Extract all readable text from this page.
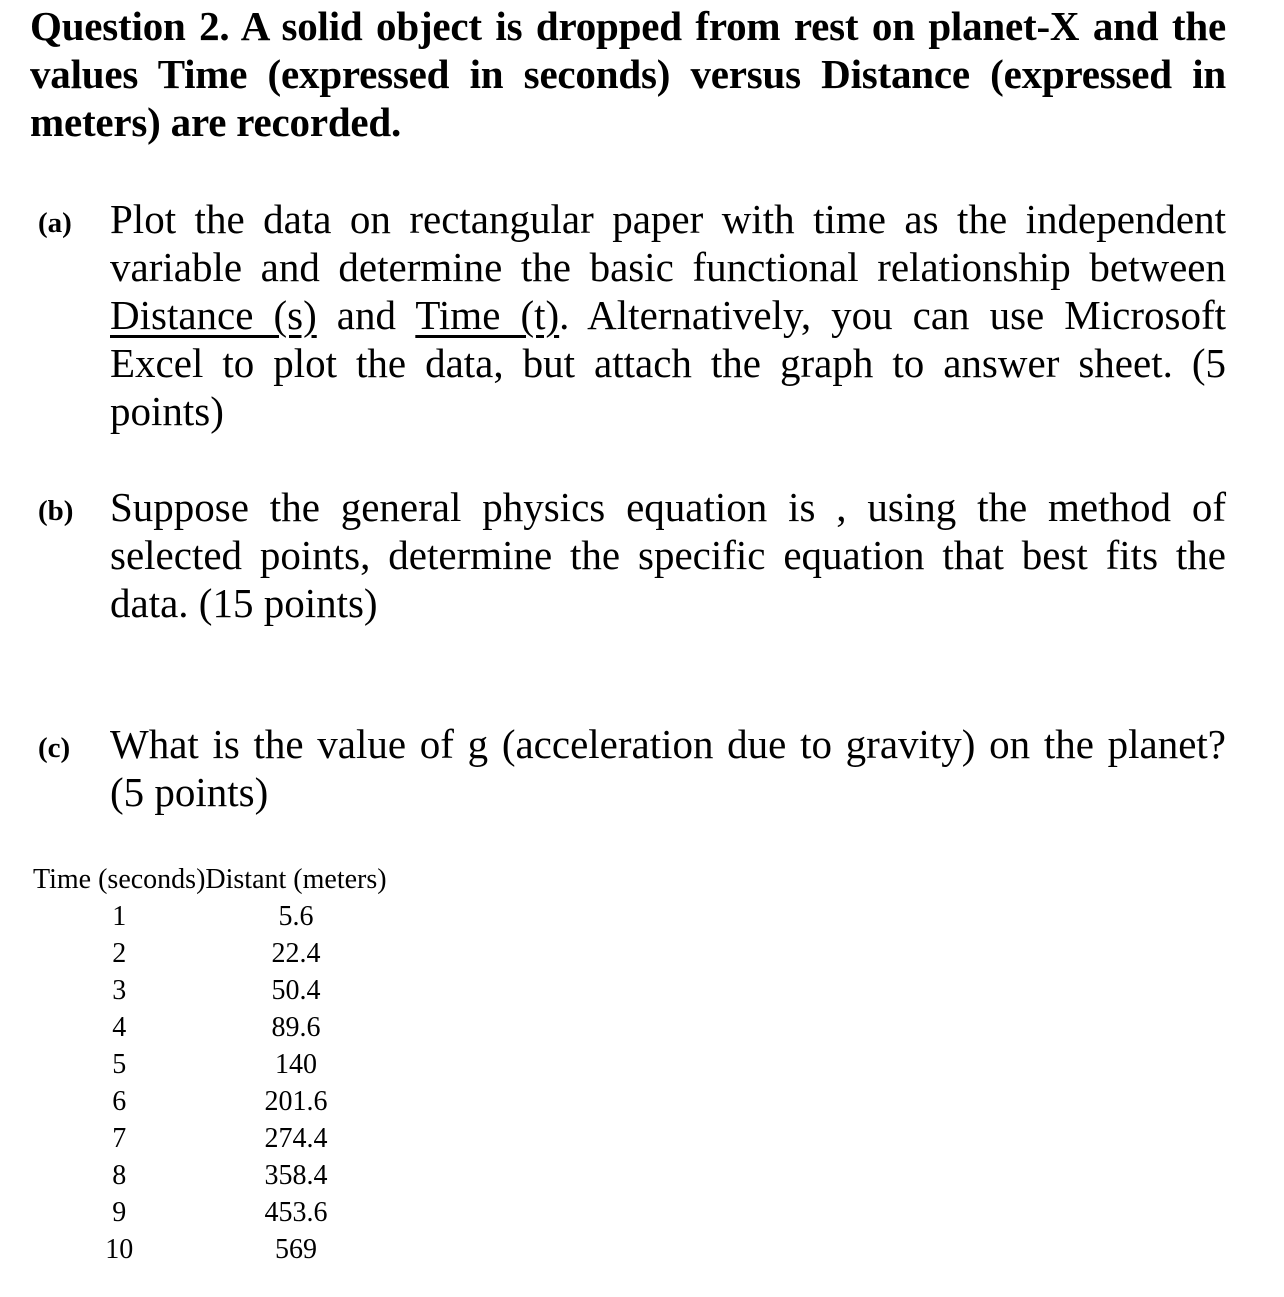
Question 2. A solid object is dropped from rest on planet-X and the values Time (expressed in seconds) versus Distance (expressed in meters) are recorded.

(a) Plot the data on rectangular paper with time as the independent variable and determine the basic functional relationship between Distance (s) and Time (t). Alternatively, you can use Microsoft Excel to plot the data, but attach the graph to answer sheet. (5 points)
(b) Suppose the general physics equation is , using the method of selected points, determine the specific equation that best fits the data. (15 points)
(c) What is the value of g (acceleration due to gravity) on the planet? (5 points)
Time (seconds)	Distant (meters)
1	5.6
2	22.4
3	50.4
4	89.6
5	140
6	201.6
7	274.4
8	358.4
9	453.6
10	569
